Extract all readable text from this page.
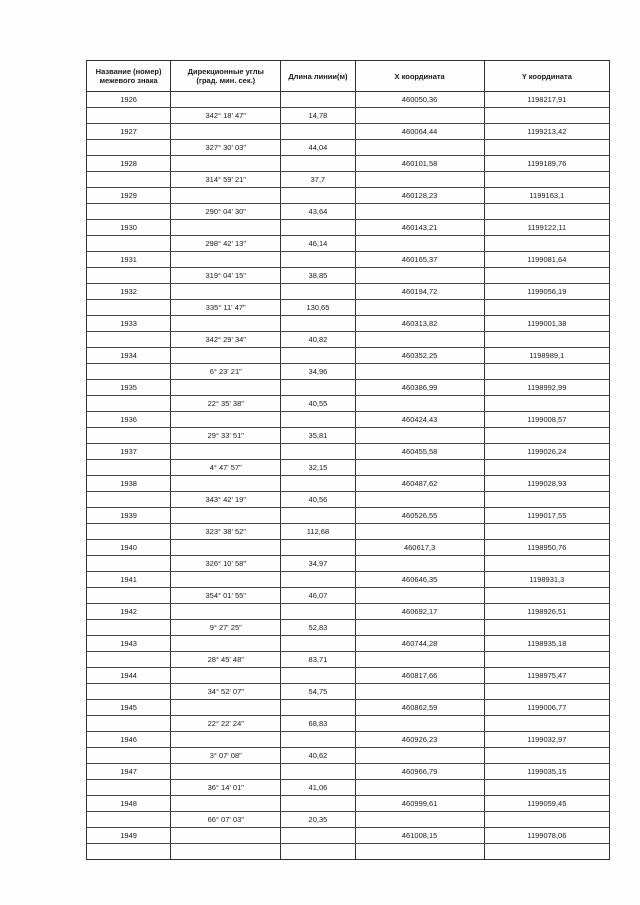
Название (номер)
межевого знака	Дирекционные углы
(град. мин. сек.)	Длина линии(м)	X координата	Y координата
1926			460050,36	1198217,91
	342° 18' 47"	14,78		
1927			460064,44	1199213,42
	327° 30' 03"	44,04		
1928			460101,58	1199189,76
	314° 59' 21"	37,7		
1929			460128,23	1199163,1
	290° 04' 30"	43,64		
1930			460143,21	1199122,11
	298° 42' 13"	46,14		
1931			460165,37	1199081,64
	319° 04' 15"	38,85		
1932			460194,72	1199056,19
	335° 11' 47"	130,65		
1933			460313,82	1199001,38
	342° 29' 34"	40,82		
1934			460352,25	1198989,1
	6° 23' 21"	34,96		
1935			460386,99	1198992,99
	22° 35' 38"	40,55		
1936			460424,43	1199008,57
	29° 33' 51"	35,81		
1937			460455,58	1199026,24
	4° 47' 57"	32,15		
1938			460487,62	1199028,93
	343° 42' 19"	40,56		
1939			460526,55	1199017,55
	323° 38' 52"	112,68		
1940			460617,3	1198950,76
	326° 10' 58"	34,97		
1941			460646,35	1198931,3
	354° 01' 55"	46,07		
1942			460692,17	1198926,51
	9° 27' 25"	52,83		
1943			460744,28	1198935,18
	28° 45' 48"	83,71		
1944			460817,66	1198975,47
	34° 52' 07"	54,75		
1945			460862,59	1199006,77
	22° 22' 24"	68,83		
1946			460926,23	1199032,97
	3° 07' 08"	40,62		
1947			460966,79	1199035,15
	36° 14' 01"	41,06		
1948			460999,61	1199059,45
	66° 07' 03"	20,35		
1949			461008,15	1199078,06
